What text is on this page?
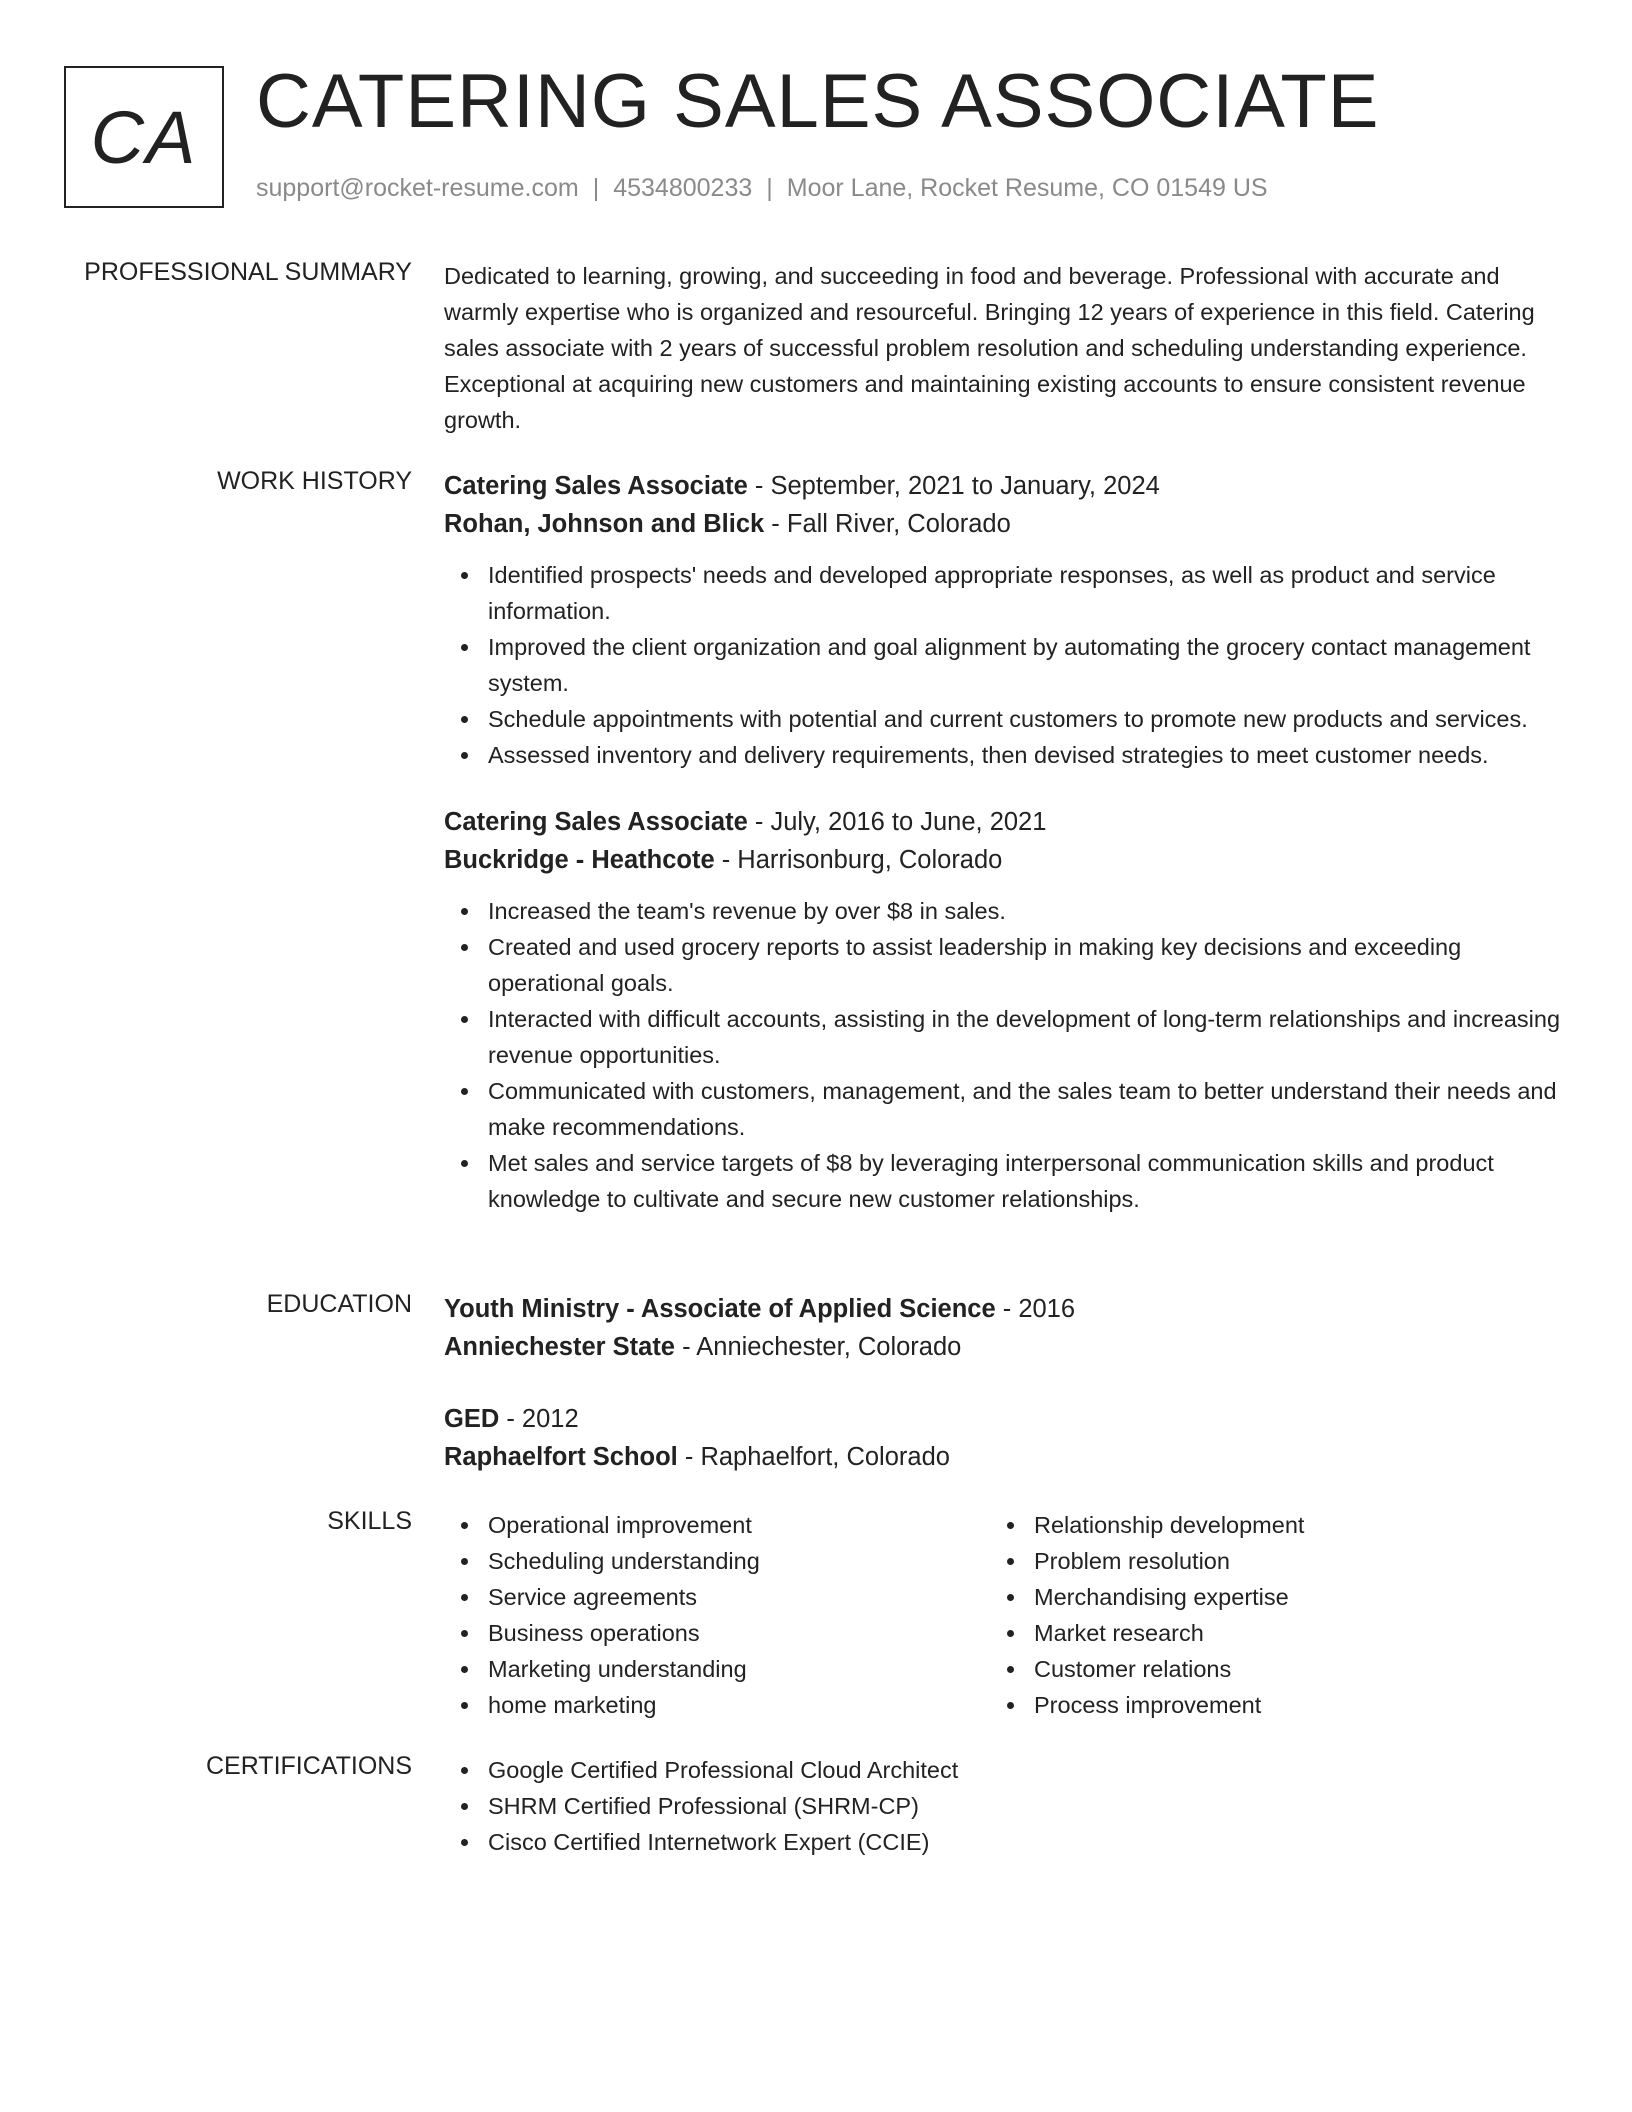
CA CATERING SALES ASSOCIATE
support@rocket-resume.com | 4534800233 | Moor Lane, Rocket Resume, CO 01549 US
PROFESSIONAL SUMMARY Dedicated to learning, growing, and succeeding in food and beverage. Professional with accurate and warmly expertise who is organized and resourceful. Bringing 12 years of experience in this field. Catering sales associate with 2 years of successful problem resolution and scheduling understanding experience. Exceptional at acquiring new customers and maintaining existing accounts to ensure consistent revenue growth.

WORK HISTORY Catering Sales Associate - September, 2021 to January, 2024
Rohan, Johnson and Blick - Fall River, Colorado
Identified prospects' needs and developed appropriate responses, as well as product and service information.
Improved the client organization and goal alignment by automating the grocery contact management system.
Schedule appointments with potential and current customers to promote new products and services.
Assessed inventory and delivery requirements, then devised strategies to meet customer needs.
Catering Sales Associate - July, 2016 to June, 2021
Buckridge - Heathcote - Harrisonburg, Colorado
Increased the team's revenue by over $8 in sales.
Created and used grocery reports to assist leadership in making key decisions and exceeding operational goals.
Interacted with difficult accounts, assisting in the development of long-term relationships and increasing revenue opportunities.
Communicated with customers, management, and the sales team to better understand their needs and make recommendations.
Met sales and service targets of $8 by leveraging interpersonal communication skills and product knowledge to cultivate and secure new customer relationships.
EDUCATION Youth Ministry - Associate of Applied Science - 2016
Anniechester State - Anniechester, Colorado
GED - 2012
Raphaelfort School - Raphaelfort, Colorado
SKILLS	Operational improvement
Scheduling understanding
Service agreements
Business operations
Marketing understanding
home marketing
Relationship development
Problem resolution
Merchandising expertise
Market research
Customer relations
Process improvement
CERTIFICATIONS	Google Certified Professional Cloud Architect
SHRM Certified Professional (SHRM-CP)
Cisco Certified Internetwork Expert (CCIE)
